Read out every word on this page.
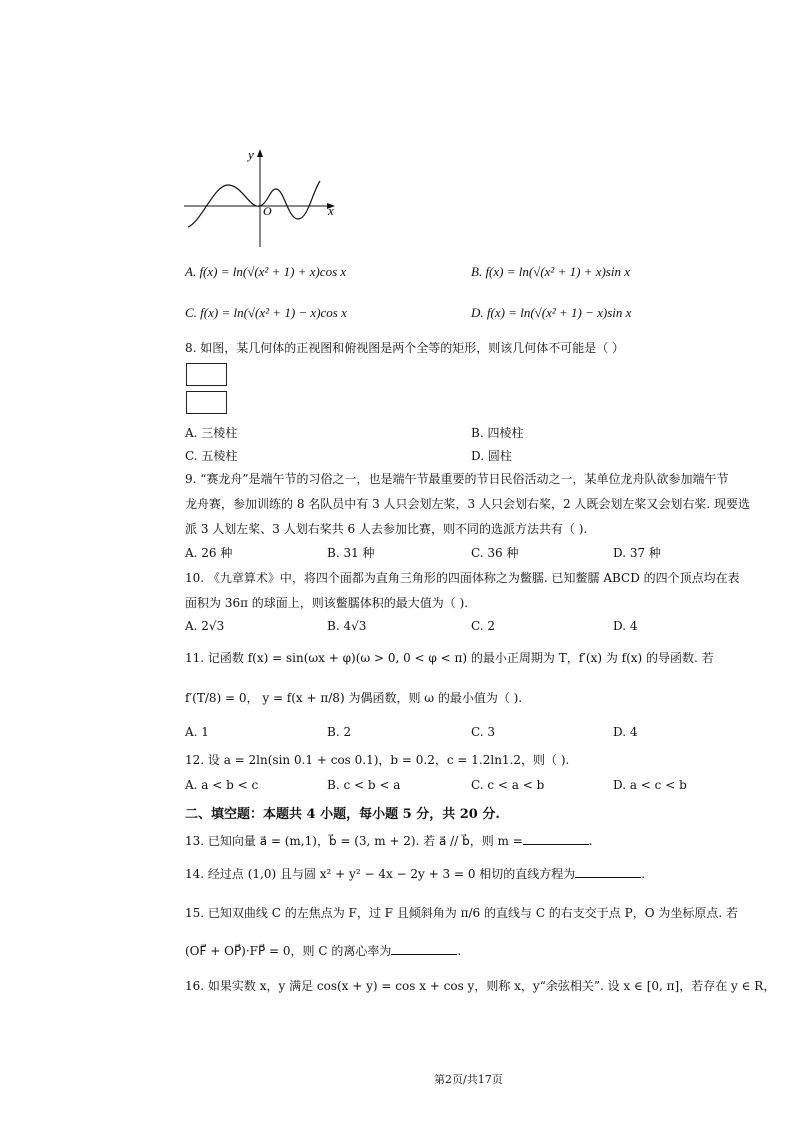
y
x
O
A. f(x) = ln(√(x² + 1) + x)cos x	B. f(x) = ln(√(x² + 1) + x)sin x
C. f(x) = ln(√(x² + 1) − x)cos x	D. f(x) = ln(√(x² + 1) − x)sin x
8. 如图，某几何体的正视图和俯视图是两个全等的矩形，则该几何体不可能是（ ）
A. 三棱柱	B. 四棱柱
C. 五棱柱	D. 圆柱
9. “赛龙舟”是端午节的习俗之一，也是端午节最重要的节日民俗活动之一，某单位龙舟队欲参加端午节
龙舟赛，参加训练的 8 名队员中有 3 人只会划左桨，3 人只会划右桨，2 人既会划左桨又会划右桨. 现要选
派 3 人划左桨、3 人划右桨共 6 人去参加比赛，则不同的选派方法共有（ ).
A. 26 种	B. 31 种	C. 36 种	D. 37 种
10. 《九章算术》中，将四个面都为直角三角形的四面体称之为鳖臑. 已知鳖臑 ABCD 的四个顶点均在表
面积为 36π 的球面上，则该鳖臑体积的最大值为（ ).
A. 2√3	B. 4√3	C. 2	D. 4
11. 记函数 f(x) = sin(ωx + φ)(ω > 0, 0 < φ < π) 的最小正周期为 T，f′(x) 为 f(x) 的导函数. 若
f′(T/8) = 0， y = f(x + π/8) 为偶函数，则 ω 的最小值为（ ).
A. 1	B. 2	C. 3	D. 4
12. 设 a = 2ln(sin 0.1 + cos 0.1)，b = 0.2，c = 1.2ln1.2，则（ ).
A. a < b < c	B. c < b < a	C. c < a < b	D. a < c < b
二、填空题：本题共 4 小题，每小题 5 分，共 20 分.
13. 已知向量 a⃗ = (m,1)，b⃗ = (3, m + 2). 若 a⃗ // b⃗，则 m =	.
14. 经过点 (1,0) 且与圆 x² + y² − 4x − 2y + 3 = 0 相切的直线方程为	.
15. 已知双曲线 C 的左焦点为 F，过 F 且倾斜角为 π/6 的直线与 C 的右支交于点 P，O 为坐标原点. 若
(OF⃗ + OP⃗)·FP⃗ = 0，则 C 的离心率为	.
16. 如果实数 x，y 满足 cos(x + y) = cos x + cos y，则称 x，y“余弦相关”. 设 x ∈ [0, π]，若存在 y ∈ R，
第2页/共17页
